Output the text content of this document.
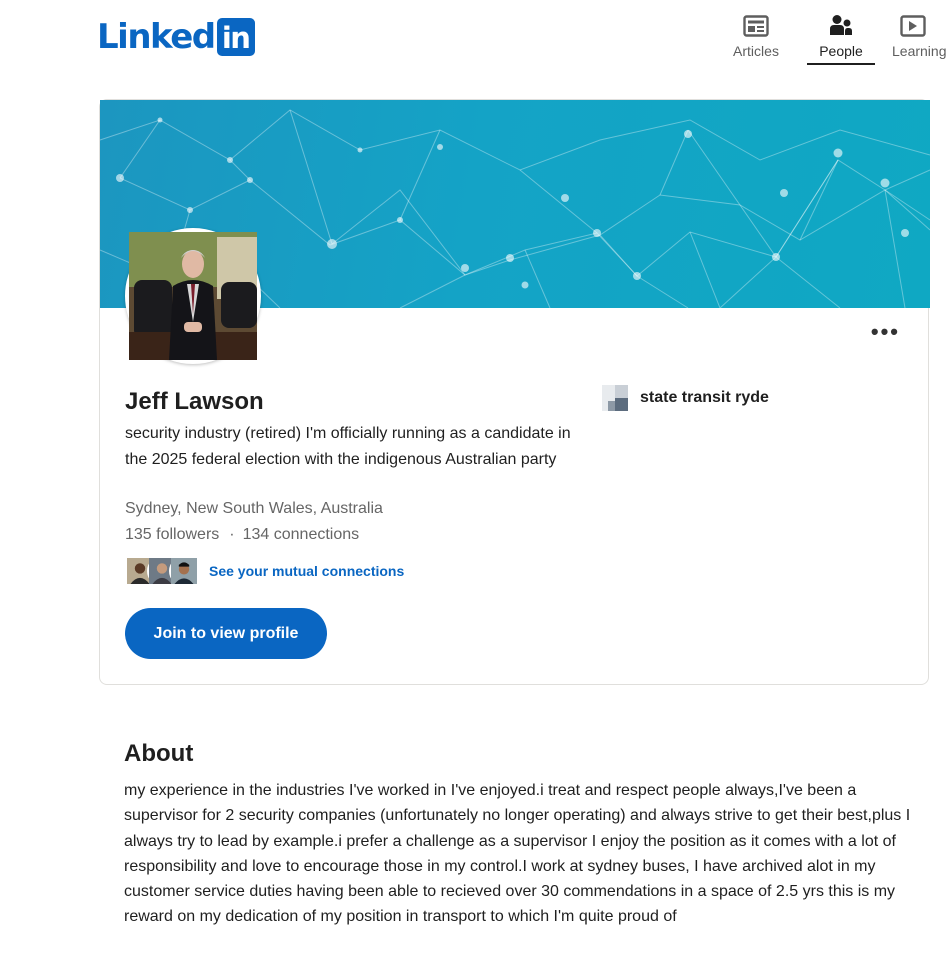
Linked in	Articles	People	Learning
•••
Jeff Lawson

security industry (retired) I'm officially running as a candidate in the 2025 federal election with the indigenous Australian party

Sydney, New South Wales, Australia
135 followers · 134 connections
See your mutual connections
Join to view profile
state transit ryde
About

my experience in the industries I've worked in I've enjoyed.i treat and respect people always,I've been a supervisor for 2 security companies (unfortunately no longer operating) and always strive to get their best,plus I always try to lead by example.i prefer a challenge as a supervisor I enjoy the position as it comes with a lot of responsibility and love to encourage those in my control.I work at sydney buses, I have archived alot in my customer service duties having been able to recieved over 30 commendations in a space of 2.5 yrs this is my reward on my dedication of my position in transport to which I'm quite proud of
